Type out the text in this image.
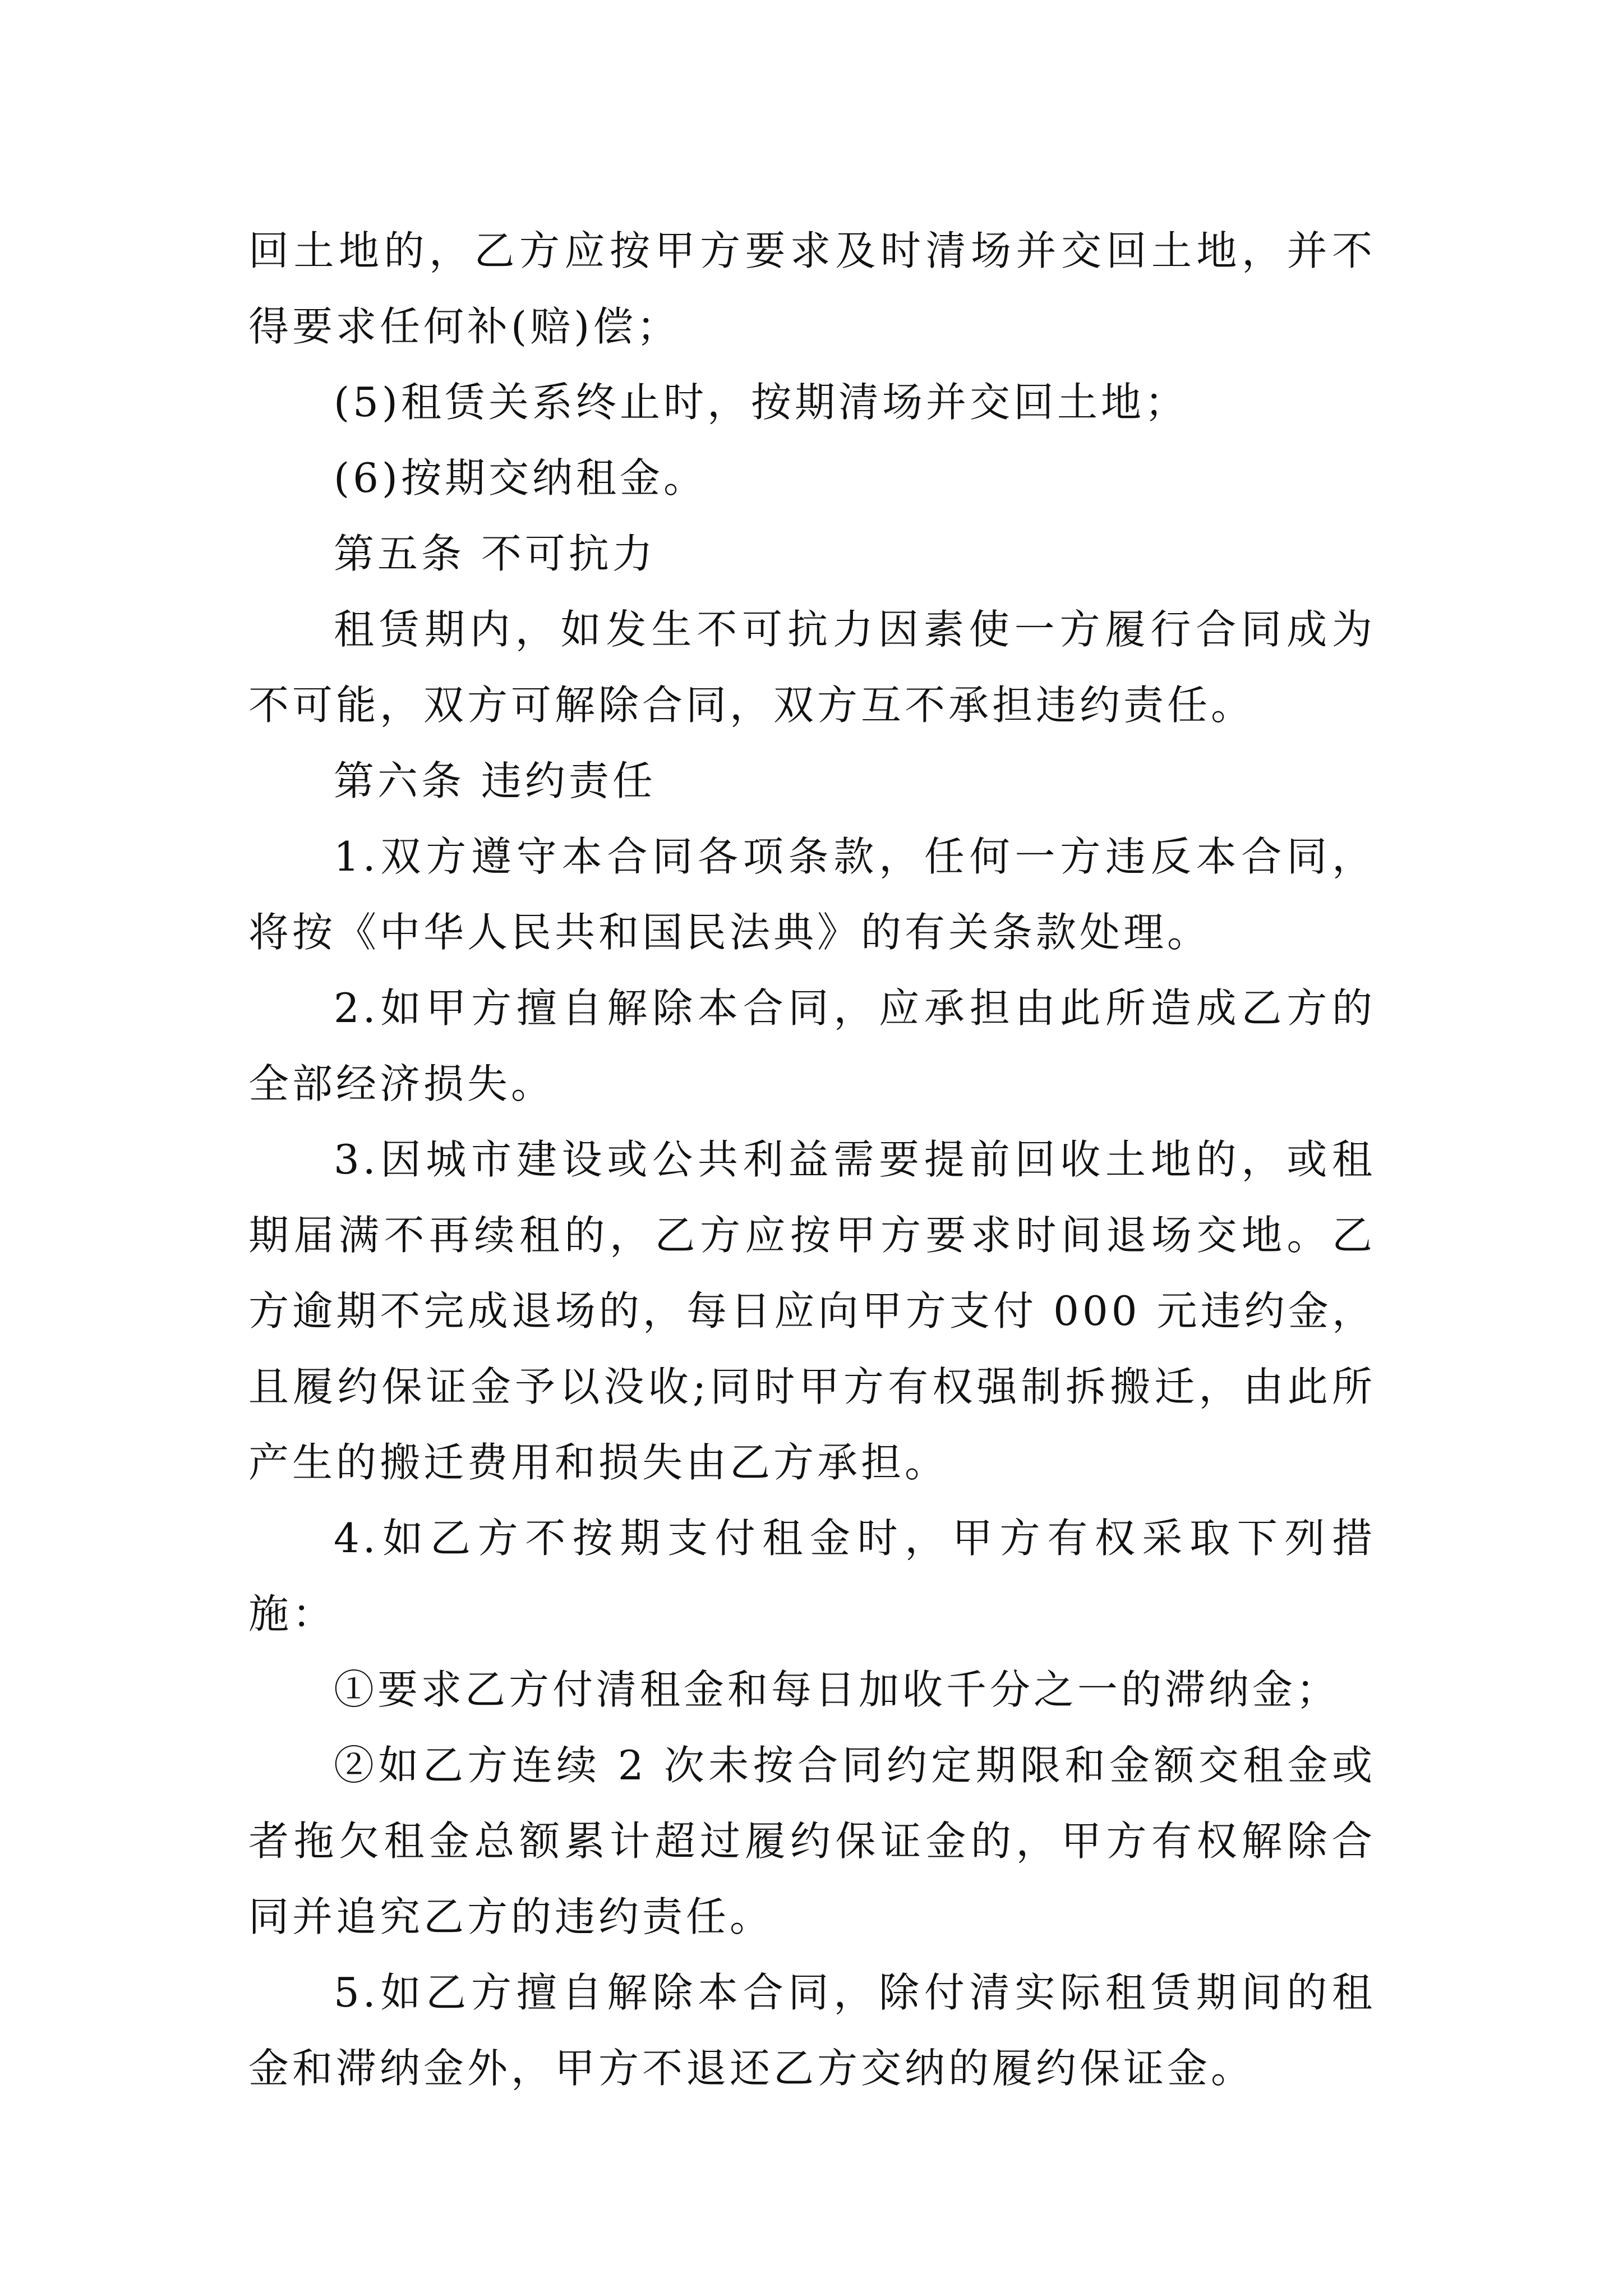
回土地的，乙方应按甲方要求及时清场并交回土地，并不得要求任何补(赔)偿；

(5)租赁关系终止时，按期清场并交回土地；

(6)按期交纳租金。

第五条 不可抗力

租赁期内，如发生不可抗力因素使一方履行合同成为不可能，双方可解除合同，双方互不承担违约责任。

第六条 违约责任

1.双方遵守本合同各项条款，任何一方违反本合同，将按《中华人民共和国民法典》的有关条款处理。

2.如甲方擅自解除本合同，应承担由此所造成乙方的全部经济损失。

3.因城市建设或公共利益需要提前回收土地的，或租期届满不再续租的，乙方应按甲方要求时间退场交地。乙方逾期不完成退场的，每日应向甲方支付 000 元违约金，且履约保证金予以没收;同时甲方有权强制拆搬迁，由此所产生的搬迁费用和损失由乙方承担。

4.如乙方不按期支付租金时，甲方有权采取下列措施：

①要求乙方付清租金和每日加收千分之一的滞纳金；

②如乙方连续 2 次未按合同约定期限和金额交租金或者拖欠租金总额累计超过履约保证金的，甲方有权解除合同并追究乙方的违约责任。

5.如乙方擅自解除本合同，除付清实际租赁期间的租金和滞纳金外，甲方不退还乙方交纳的履约保证金。
